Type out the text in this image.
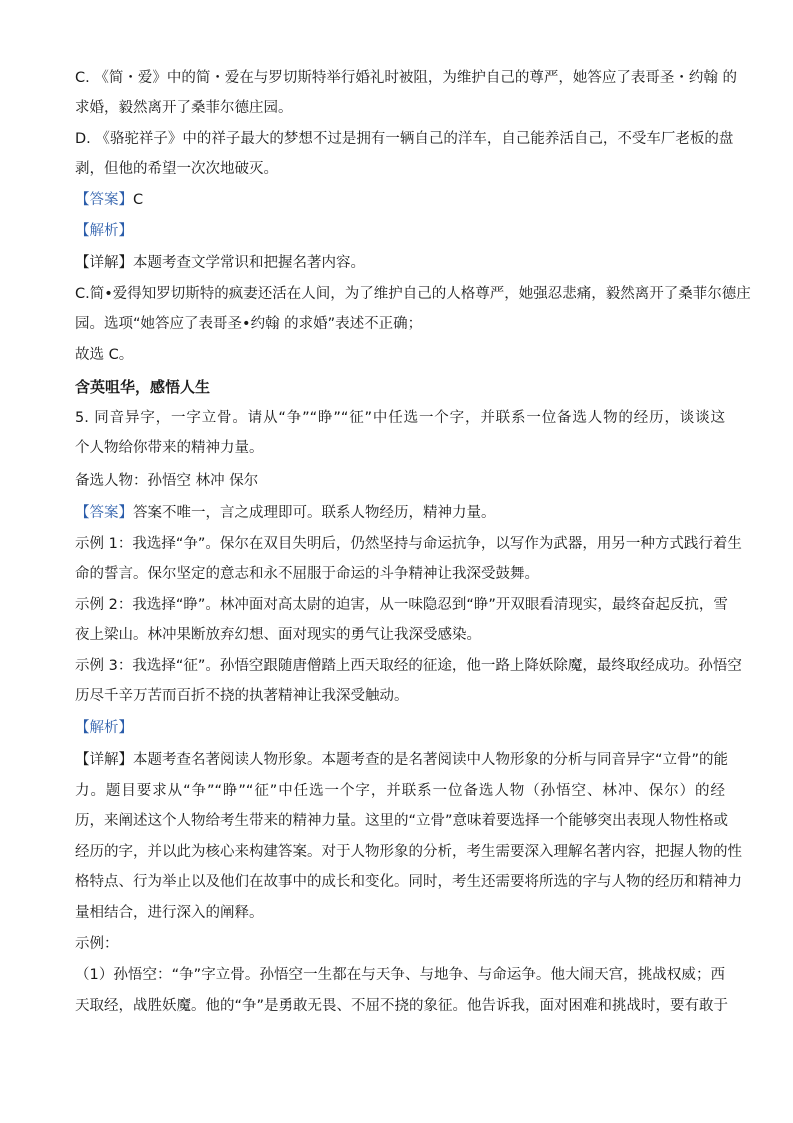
C. 《简・爱》中的简・爱在与罗切斯特举行婚礼时被阻，为维护自己的尊严，她答应了表哥圣・约翰 的
求婚，毅然离开了桑菲尔德庄园。
D. 《骆驼祥子》中的祥子最大的梦想不过是拥有一辆自己的洋车，自己能养活自己，不受车厂老板的盘
剥，但他的希望一次次地破灭。
【答案】C
【解析】
【详解】本题考查文学常识和把握名著内容。
C.简•爱得知罗切斯特的疯妻还活在人间，为了维护自己的人格尊严，她强忍悲痛，毅然离开了桑菲尔德庄
园。选项“她答应了表哥圣•约翰 的求婚”表述不正确；
故选 C。
含英咀华，感悟人生
5. 同音异字，一字立骨。请从“争”“睁”“征”中任选一个字，并联系一位备选人物的经历，谈谈这
个人物给你带来的精神力量。
备选人物：孙悟空 林冲 保尔
【答案】答案不唯一，言之成理即可。联系人物经历，精神力量。
示例 1：我选择“争”。保尔在双目失明后，仍然坚持与命运抗争，以写作为武器，用另一种方式践行着生
命的誓言。保尔坚定的意志和永不屈服于命运的斗争精神让我深受鼓舞。
示例 2：我选择“睁”。林冲面对高太尉的迫害，从一味隐忍到“睁”开双眼看清现实，最终奋起反抗，雪
夜上梁山。林冲果断放弃幻想、面对现实的勇气让我深受感染。
示例 3：我选择“征”。孙悟空跟随唐僧踏上西天取经的征途，他一路上降妖除魔，最终取经成功。孙悟空
历尽千辛万苦而百折不挠的执著精神让我深受触动。
【解析】
【详解】本题考查名著阅读人物形象。本题考查的是名著阅读中人物形象的分析与同音异字“立骨”的能
力。题目要求从“争”“睁”“征”中任选一个字，并联系一位备选人物（孙悟空、林冲、保尔）的经
历，来阐述这个人物给考生带来的精神力量。这里的“立骨”意味着要选择一个能够突出表现人物性格或
经历的字，并以此为核心来构建答案。对于人物形象的分析，考生需要深入理解名著内容，把握人物的性
格特点、行为举止以及他们在故事中的成长和变化。同时，考生还需要将所选的字与人物的经历和精神力
量相结合，进行深入的阐释。
示例：
（1）孙悟空：“争”字立骨。孙悟空一生都在与天争、与地争、与命运争。他大闹天宫，挑战权威；西
天取经，战胜妖魔。他的“争”是勇敢无畏、不屈不挠的象征。他告诉我，面对困难和挑战时，要有敢于
